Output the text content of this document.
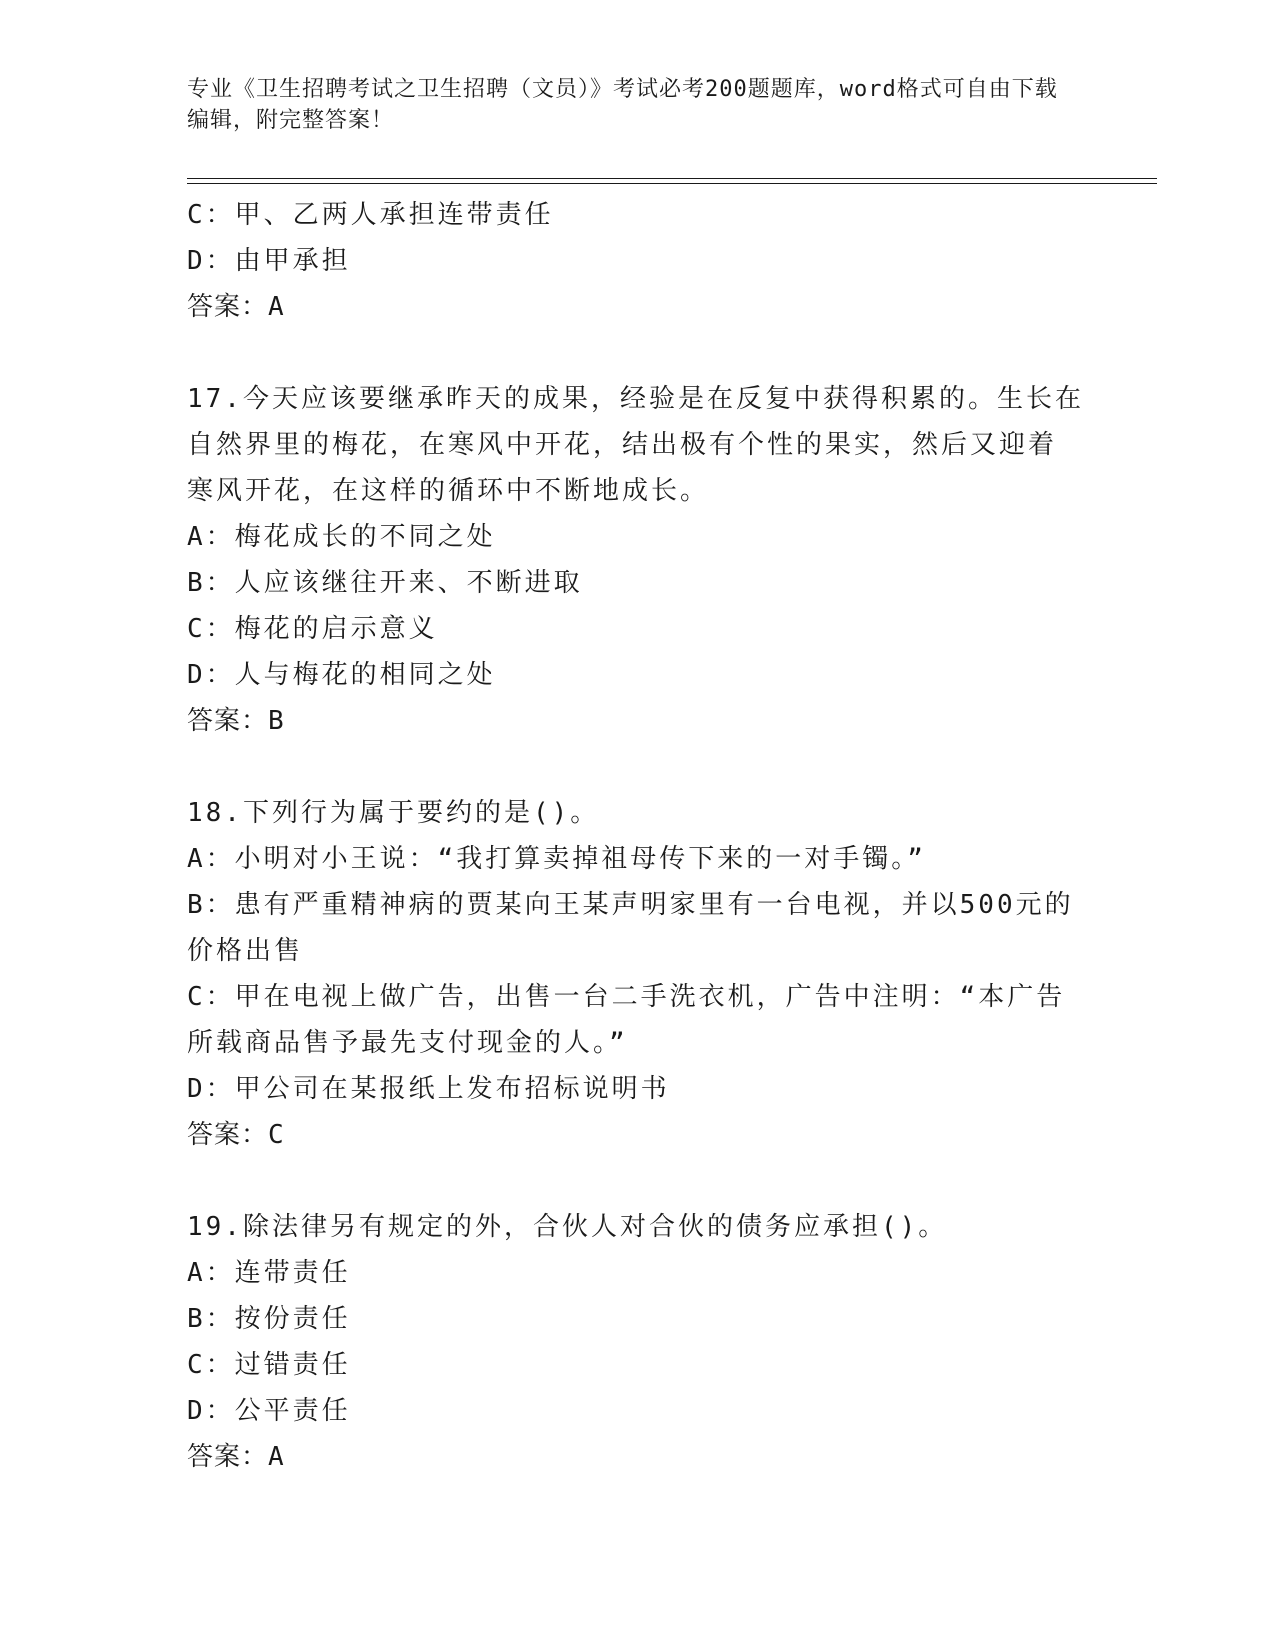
专业《卫生招聘考试之卫生招聘（文员）》考试必考200题题库，word格式可自由下载编辑，附完整答案！
C：甲、乙两人承担连带责任
D：由甲承担
答案：A
17.今天应该要继承昨天的成果，经验是在反复中获得积累的。生长在
自然界里的梅花，在寒风中开花，结出极有个性的果实，然后又迎着
寒风开花，在这样的循环中不断地成长。
A：梅花成长的不同之处
B：人应该继往开来、不断进取
C：梅花的启示意义
D：人与梅花的相同之处
答案：B
18.下列行为属于要约的是()。
A：小明对小王说：“我打算卖掉祖母传下来的一对手镯。”
B：患有严重精神病的贾某向王某声明家里有一台电视，并以500元的
价格出售
C：甲在电视上做广告，出售一台二手洗衣机，广告中注明：“本广告
所载商品售予最先支付现金的人。”
D：甲公司在某报纸上发布招标说明书
答案：C
19.除法律另有规定的外，合伙人对合伙的债务应承担()。
A：连带责任
B：按份责任
C：过错责任
D：公平责任
答案：A
